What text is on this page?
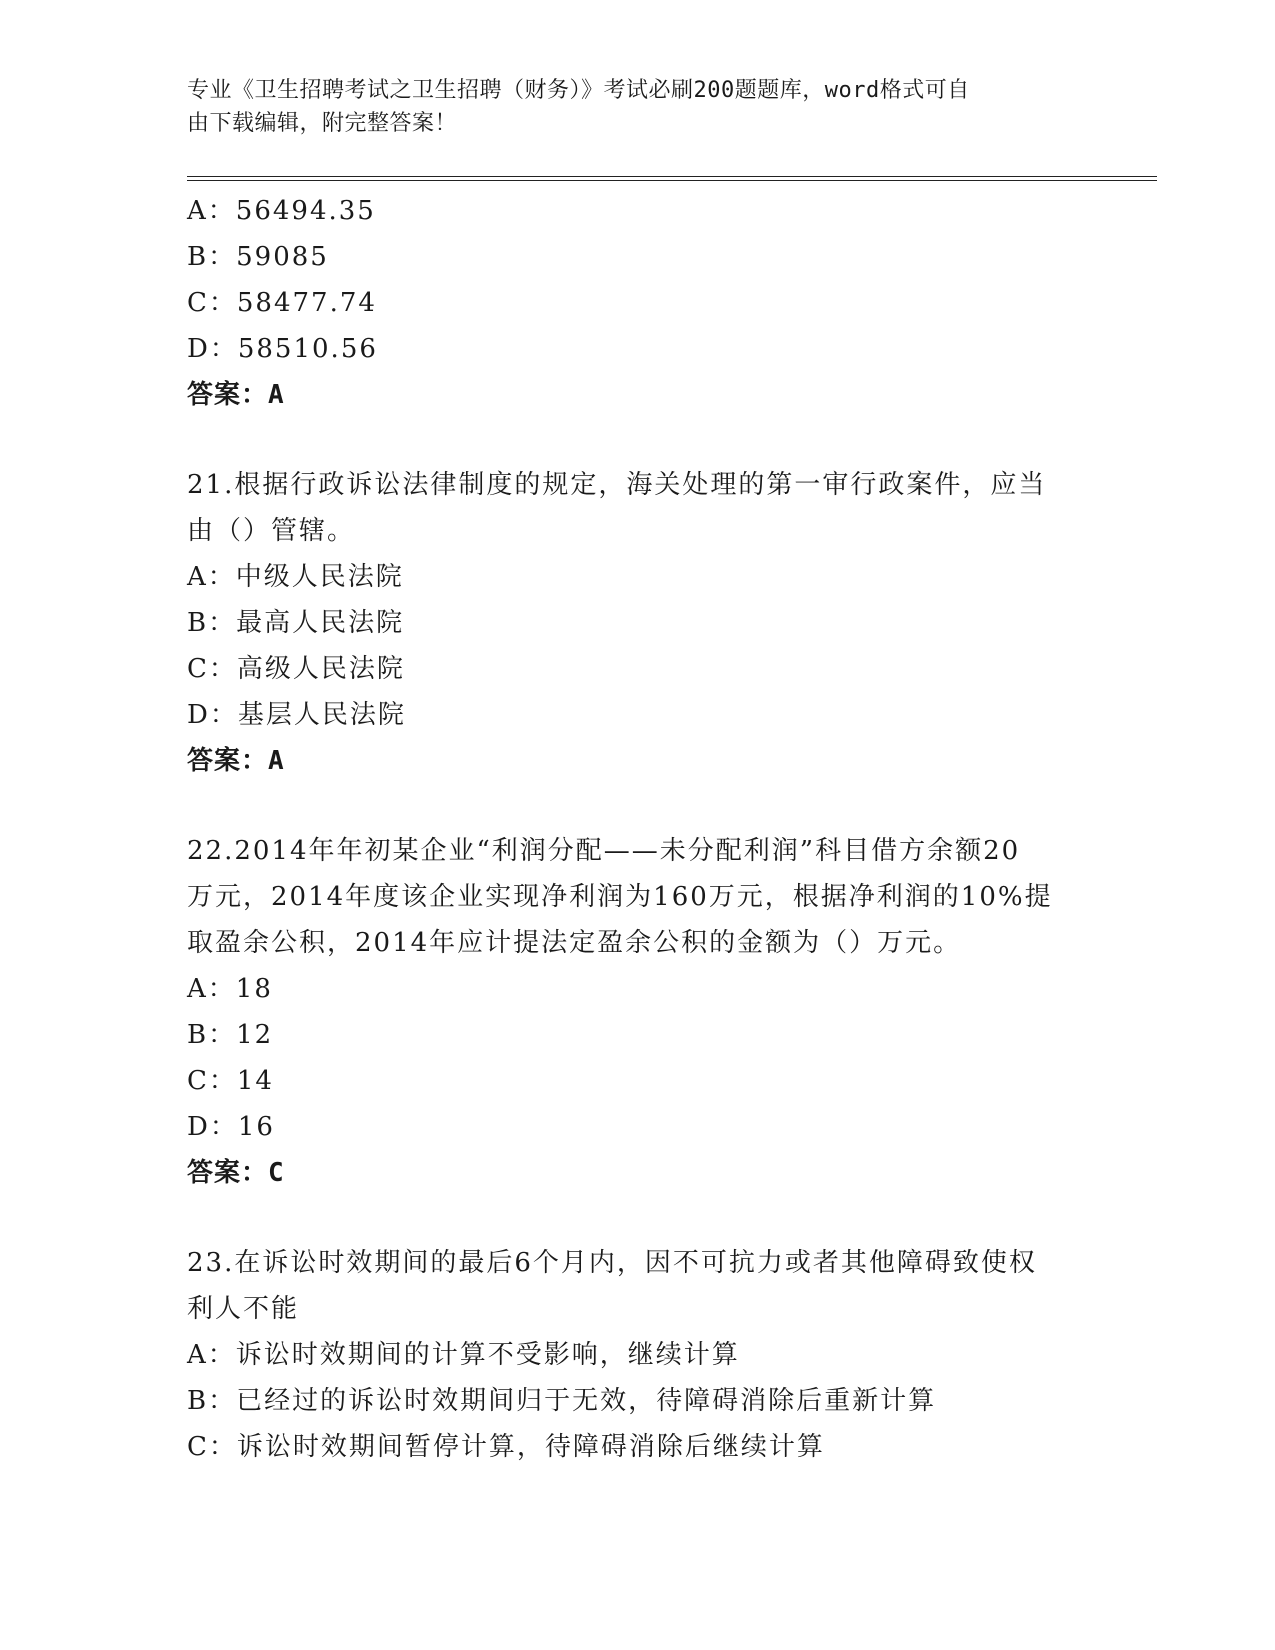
专业《卫生招聘考试之卫生招聘（财务）》考试必刷200题题库，word格式可自
由下载编辑，附完整答案！
A：56494.35
B：59085
C：58477.74
D：58510.56
答案：A
21.根据行政诉讼法律制度的规定，海关处理的第一审行政案件，应当
由（）管辖。
A：中级人民法院
B：最高人民法院
C：高级人民法院
D：基层人民法院
答案：A
22.2014年年初某企业“利润分配——未分配利润”科目借方余额20
万元，2014年度该企业实现净利润为160万元，根据净利润的10%提
取盈余公积，2014年应计提法定盈余公积的金额为（）万元。
A：18
B：12
C：14
D：16
答案：C
23.在诉讼时效期间的最后6个月内，因不可抗力或者其他障碍致使权
利人不能
A：诉讼时效期间的计算不受影响，继续计算
B：已经过的诉讼时效期间归于无效，待障碍消除后重新计算
C：诉讼时效期间暂停计算，待障碍消除后继续计算
